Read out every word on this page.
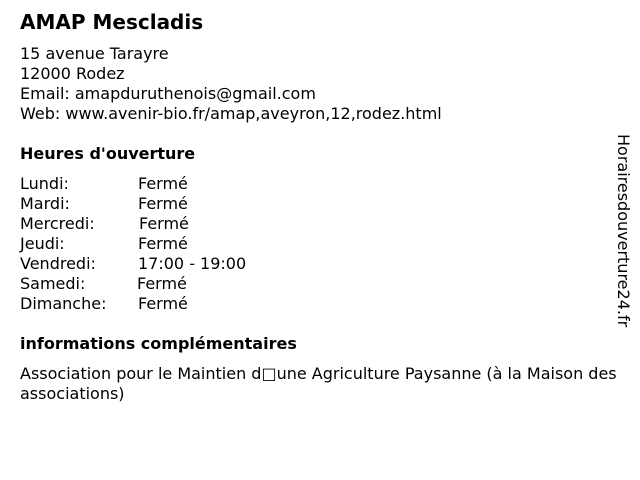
AMAP Mescladis
15 avenue Tarayre
12000 Rodez
Email: amapduruthenois@gmail.com
Web: www.avenir-bio.fr/amap,aveyron,12,rodez.html
Heures d'ouverture
Lundi:	Fermé
Mardi:	Fermé
Mercredi:	Fermé
Jeudi:	Fermé
Vendredi:	17:00 - 19:00
Samedi:	Fermé
Dimanche: Fermé
informations complémentaires
Association pour le Maintien d□une Agriculture Paysanne (à la Maison des associations)
Horairesdouverture24.fr
